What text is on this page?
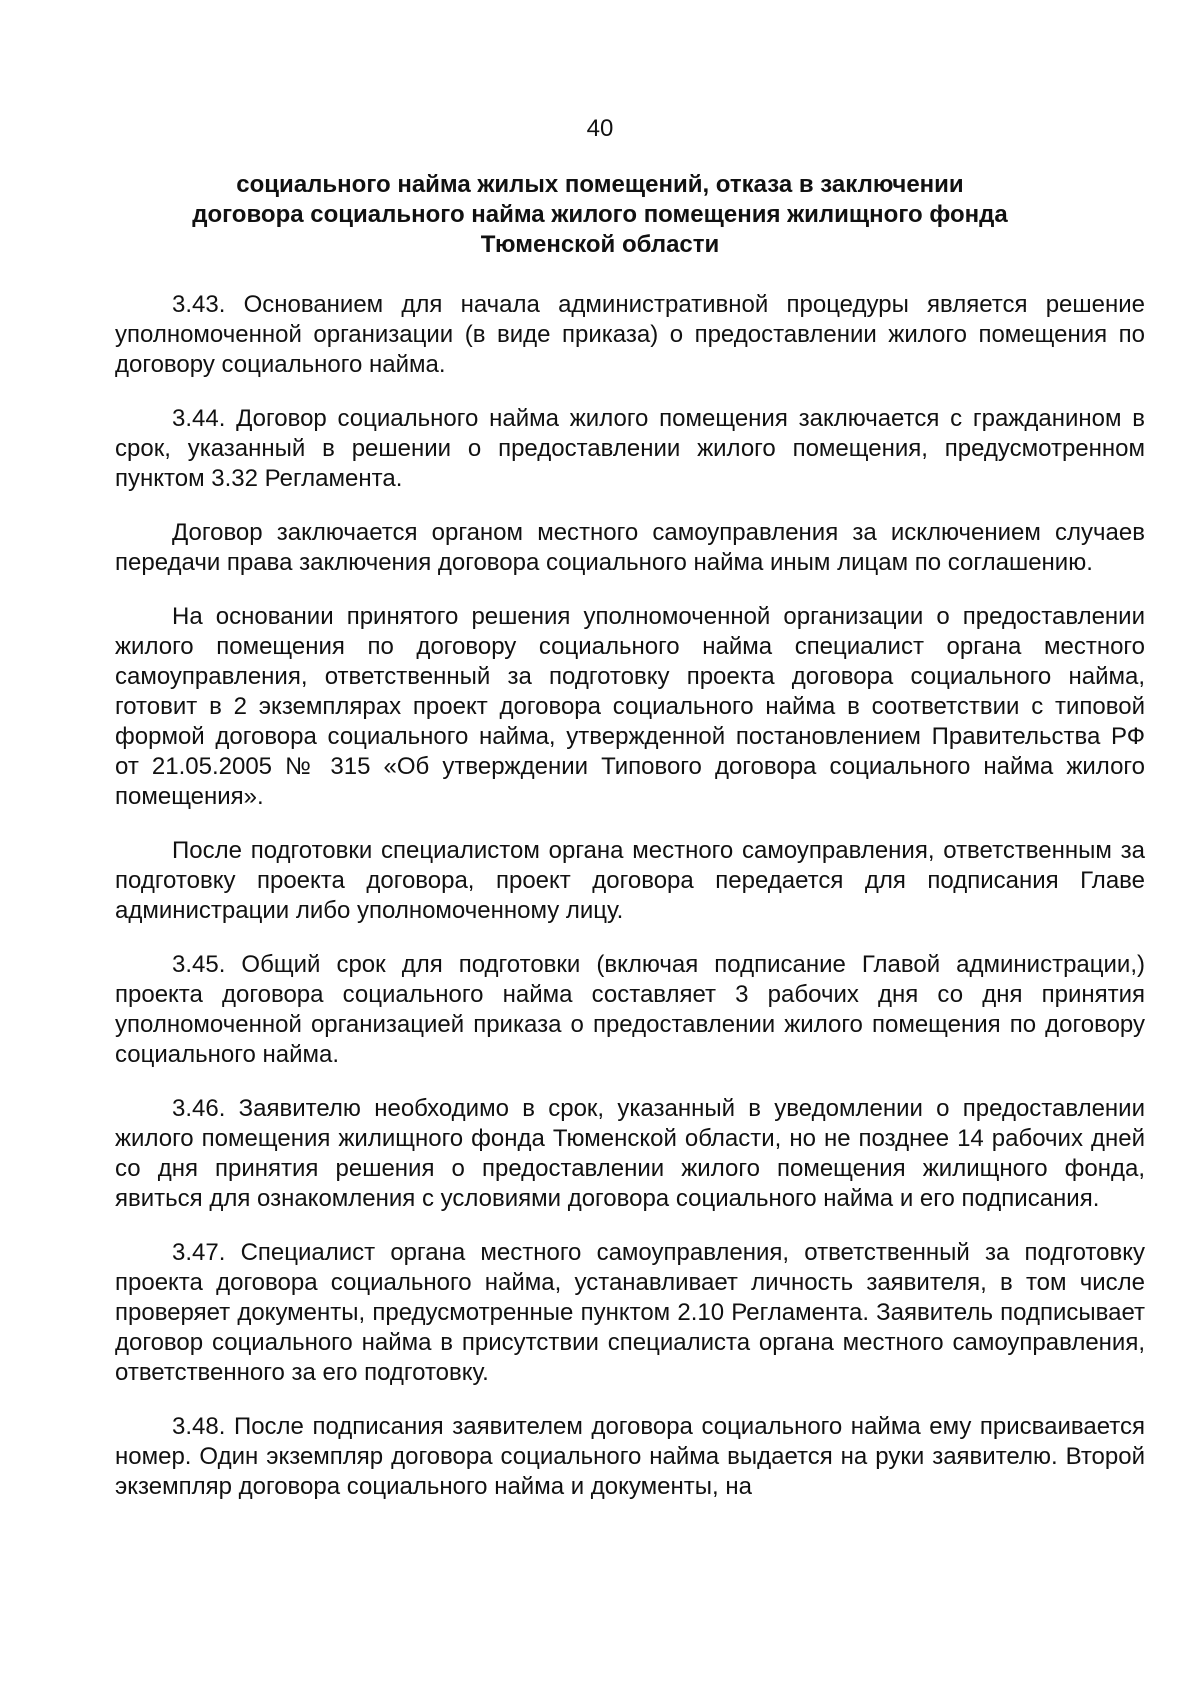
40
социального найма жилых помещений, отказа в заключении
договора социального найма жилого помещения жилищного фонда
Тюменской области

3.43. Основанием для начала административной процедуры является решение уполномоченной организации (в виде приказа) о предоставлении жилого помещения по договору социального найма.

3.44. Договор социального найма жилого помещения заключается с гражданином в срок, указанный в решении о предоставлении жилого помещения, предусмотренном пунктом 3.32 Регламента.

Договор заключается органом местного самоуправления за исключением случаев передачи права заключения договора социального найма иным лицам по соглашению.

На основании принятого решения уполномоченной организации о предоставлении жилого помещения по договору социального найма специалист органа местного самоуправления, ответственный за подготовку проекта договора социального найма, готовит в 2 экземплярах проект договора социального найма в соответствии с типовой формой договора социального найма, утвержденной постановлением Правительства РФ от 21.05.2005 № 315 «Об утверждении Типового договора социального найма жилого помещения».

После подготовки специалистом органа местного самоуправления, ответственным за подготовку проекта договора, проект договора передается для подписания Главе администрации либо уполномоченному лицу.

3.45. Общий срок для подготовки (включая подписание Главой администрации,) проекта договора социального найма составляет 3 рабочих дня со дня принятия уполномоченной организацией приказа о предоставлении жилого помещения по договору социального найма.

3.46. Заявителю необходимо в срок, указанный в уведомлении о предоставлении жилого помещения жилищного фонда Тюменской области, но не позднее 14 рабочих дней со дня принятия решения о предоставлении жилого помещения жилищного фонда, явиться для ознакомления с условиями договора социального найма и его подписания.

3.47. Специалист органа местного самоуправления, ответственный за подготовку проекта договора социального найма, устанавливает личность заявителя, в том числе проверяет документы, предусмотренные пунктом 2.10 Регламента. Заявитель подписывает договор социального найма в присутствии специалиста органа местного самоуправления, ответственного за его подготовку.

3.48. После подписания заявителем договора социального найма ему присваивается номер. Один экземпляр договора социального найма выдается на руки заявителю. Второй экземпляр договора социального найма и документы, на
